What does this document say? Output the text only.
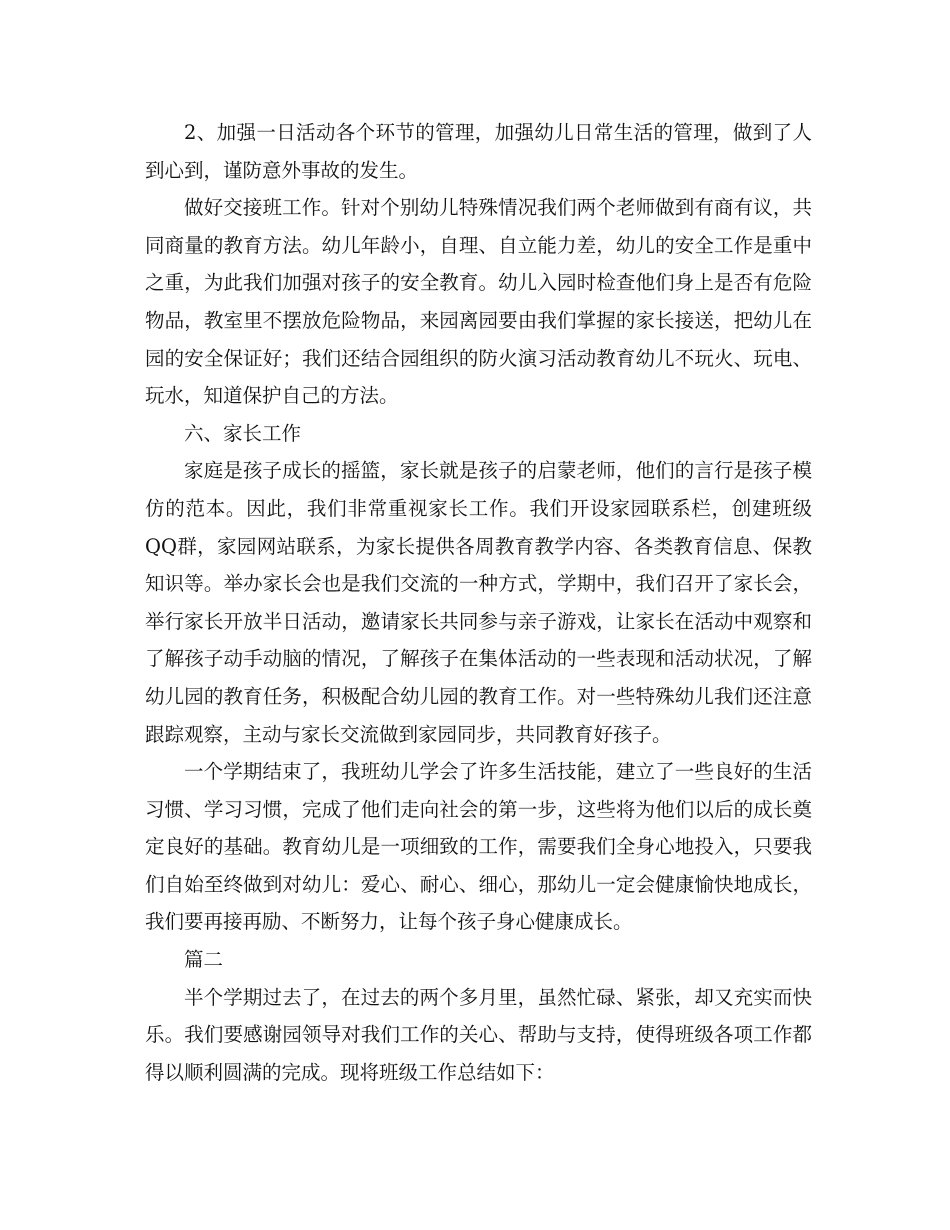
2、加强一日活动各个环节的管理，加强幼儿日常生活的管理，做到了人到心到，谨防意外事故的发生。

做好交接班工作。针对个别幼儿特殊情况我们两个老师做到有商有议，共同商量的教育方法。幼儿年龄小，自理、自立能力差，幼儿的安全工作是重中之重，为此我们加强对孩子的安全教育。幼儿入园时检查他们身上是否有危险物品，教室里不摆放危险物品，来园离园要由我们掌握的家长接送，把幼儿在园的安全保证好；我们还结合园组织的防火演习活动教育幼儿不玩火、玩电、玩水，知道保护自己的方法。

六、家长工作

家庭是孩子成长的摇篮，家长就是孩子的启蒙老师，他们的言行是孩子模仿的范本。因此，我们非常重视家长工作。我们开设家园联系栏，创建班级QQ群，家园网站联系，为家长提供各周教育教学内容、各类教育信息、保教知识等。举办家长会也是我们交流的一种方式，学期中，我们召开了家长会，举行家长开放半日活动，邀请家长共同参与亲子游戏，让家长在活动中观察和了解孩子动手动脑的情况，了解孩子在集体活动的一些表现和活动状况，了解幼儿园的教育任务，积极配合幼儿园的教育工作。对一些特殊幼儿我们还注意跟踪观察，主动与家长交流做到家园同步，共同教育好孩子。

一个学期结束了，我班幼儿学会了许多生活技能，建立了一些良好的生活习惯、学习习惯，完成了他们走向社会的第一步，这些将为他们以后的成长奠定良好的基础。教育幼儿是一项细致的工作，需要我们全身心地投入，只要我们自始至终做到对幼儿：爱心、耐心、细心，那幼儿一定会健康愉快地成长，我们要再接再励、不断努力，让每个孩子身心健康成长。

篇二

半个学期过去了，在过去的两个多月里，虽然忙碌、紧张，却又充实而快乐。我们要感谢园领导对我们工作的关心、帮助与支持，使得班级各项工作都得以顺利圆满的完成。现将班级工作总结如下：
